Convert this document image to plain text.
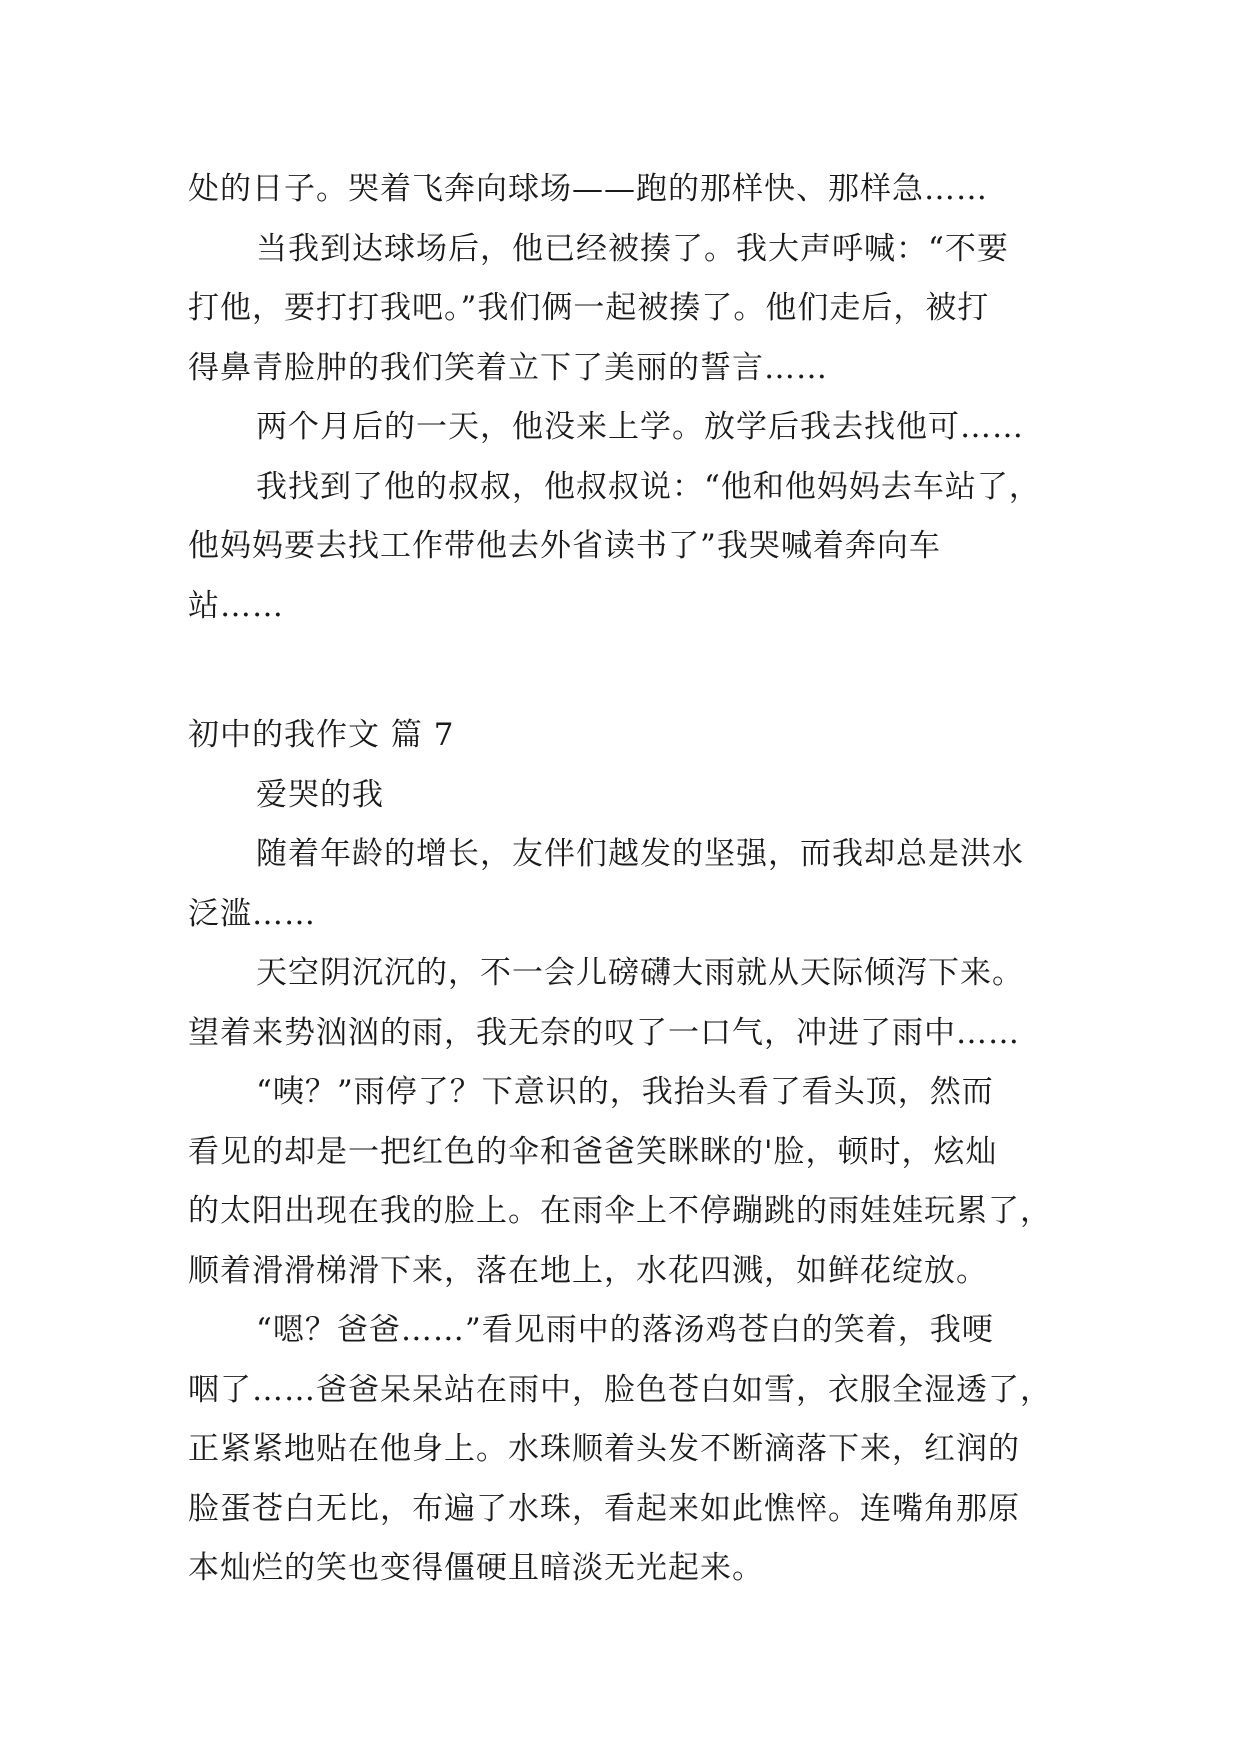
处的日子。哭着飞奔向球场——跑的那样快、那样急……
当我到达球场后，他已经被揍了。我大声呼喊：“不要
打他，要打打我吧。”我们俩一起被揍了。他们走后，被打
得鼻青脸肿的我们笑着立下了美丽的誓言……
两个月后的一天，他没来上学。放学后我去找他可……
我找到了他的叔叔，他叔叔说：“他和他妈妈去车站了，
他妈妈要去找工作带他去外省读书了”我哭喊着奔向车
站……
初中的我作文 篇 7
爱哭的我
随着年龄的增长，友伴们越发的坚强，而我却总是洪水
泛滥……
天空阴沉沉的，不一会儿磅礴大雨就从天际倾泻下来。
望着来势汹汹的雨，我无奈的叹了一口气，冲进了雨中……
“咦？”雨停了？下意识的，我抬头看了看头顶，然而
看见的却是一把红色的伞和爸爸笑眯眯的'脸，顿时，炫灿
的太阳出现在我的脸上。在雨伞上不停蹦跳的雨娃娃玩累了，
顺着滑滑梯滑下来，落在地上，水花四溅，如鲜花绽放。
“嗯？爸爸……”看见雨中的落汤鸡苍白的笑着，我哽
咽了……爸爸呆呆站在雨中，脸色苍白如雪，衣服全湿透了，
正紧紧地贴在他身上。水珠顺着头发不断滴落下来，红润的
脸蛋苍白无比，布遍了水珠，看起来如此憔悴。连嘴角那原
本灿烂的笑也变得僵硬且暗淡无光起来。
